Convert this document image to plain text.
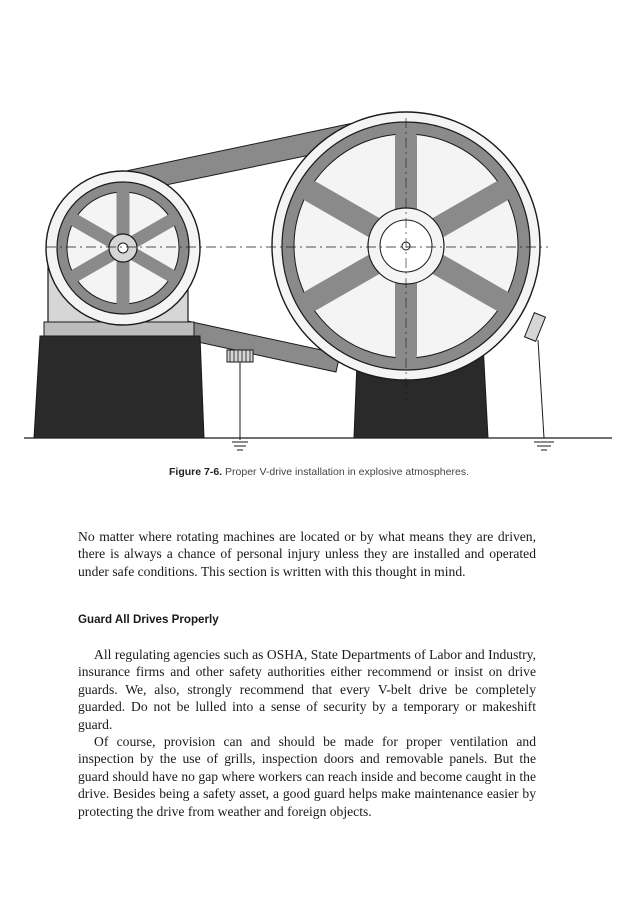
Figure 7-6. Proper V-drive installation in explosive atmospheres.

No matter where rotating machines are located or by what means they are driven, there is always a chance of personal injury unless they are installed and operated under safe conditions. This section is written with this thought in mind.

Guard All Drives Properly

All regulating agencies such as OSHA, State Departments of Labor and Industry, insurance firms and other safety authorities either recommend or insist on drive guards. We, also, strongly recommend that every V-belt drive be completely guarded. Do not be lulled into a sense of security by a temporary or makeshift guard.

Of course, provision can and should be made for proper ventilation and inspection by the use of grills, inspection doors and removable panels. But the guard should have no gap where workers can reach inside and become caught in the drive. Besides being a safety asset, a good guard helps make maintenance easier by protecting the drive from weather and foreign objects.
